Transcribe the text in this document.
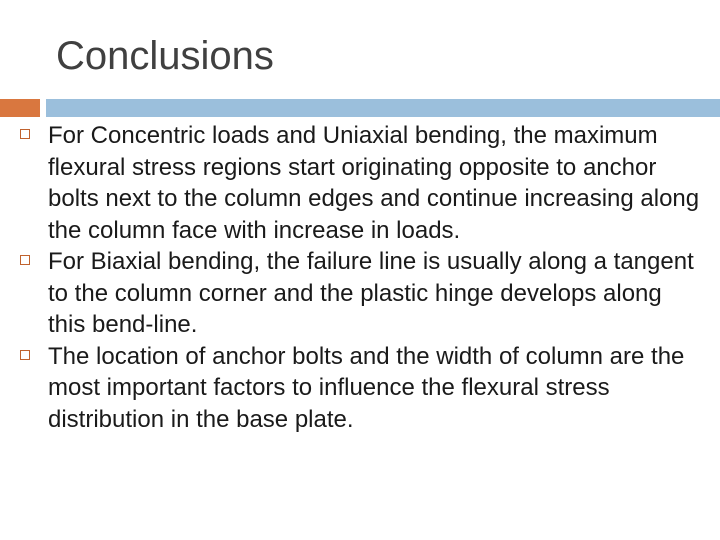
Conclusions
For Concentric loads and Uniaxial bending, the maximum flexural stress regions start originating opposite to anchor bolts next to the column edges and continue increasing along the column face with increase in loads.
For Biaxial bending, the failure line is usually along a tangent to the column corner and the plastic hinge develops along this bend-line.
The location of anchor bolts and the width of column are the most important factors to influence the flexural stress distribution in the base plate.
